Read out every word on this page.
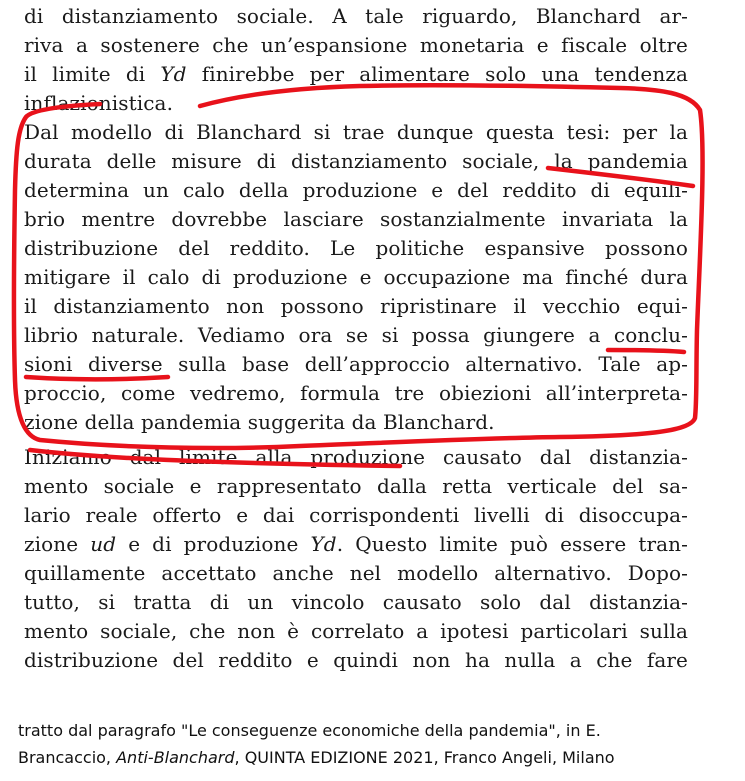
di distanziamento sociale. A tale riguardo, Blanchard ar-
riva a sostenere che un’espansione monetaria e fiscale oltre
il limite di Yd finirebbe per alimentare solo una tendenza
inflazionistica.
Dal modello di Blanchard si trae dunque questa tesi: per la
durata delle misure di distanziamento sociale, la pandemia
determina un calo della produzione e del reddito di equili-
brio mentre dovrebbe lasciare sostanzialmente invariata la
distribuzione del reddito. Le politiche espansive possono
mitigare il calo di produzione e occupazione ma finché dura
il distanziamento non possono ripristinare il vecchio equi-
librio naturale. Vediamo ora se si possa giungere a conclu-
sioni diverse sulla base dell’approccio alternativo. Tale ap-
proccio, come vedremo, formula tre obiezioni all’interpreta-
zione della pandemia suggerita da Blanchard.
Iniziamo dal limite alla produzione causato dal distanzia-
mento sociale e rappresentato dalla retta verticale del sa-
lario reale offerto e dai corrispondenti livelli di disoccupa-
zione ud e di produzione Yd. Questo limite può essere tran-
quillamente accettato anche nel modello alternativo. Dopo-
tutto, si tratta di un vincolo causato solo dal distanzia-
mento sociale, che non è correlato a ipotesi particolari sulla
distribuzione del reddito e quindi non ha nulla a che fare
tratto dal paragrafo "Le conseguenze economiche della pandemia", in E.
Brancaccio, Anti-Blanchard, QUINTA EDIZIONE 2021, Franco Angeli, Milano
